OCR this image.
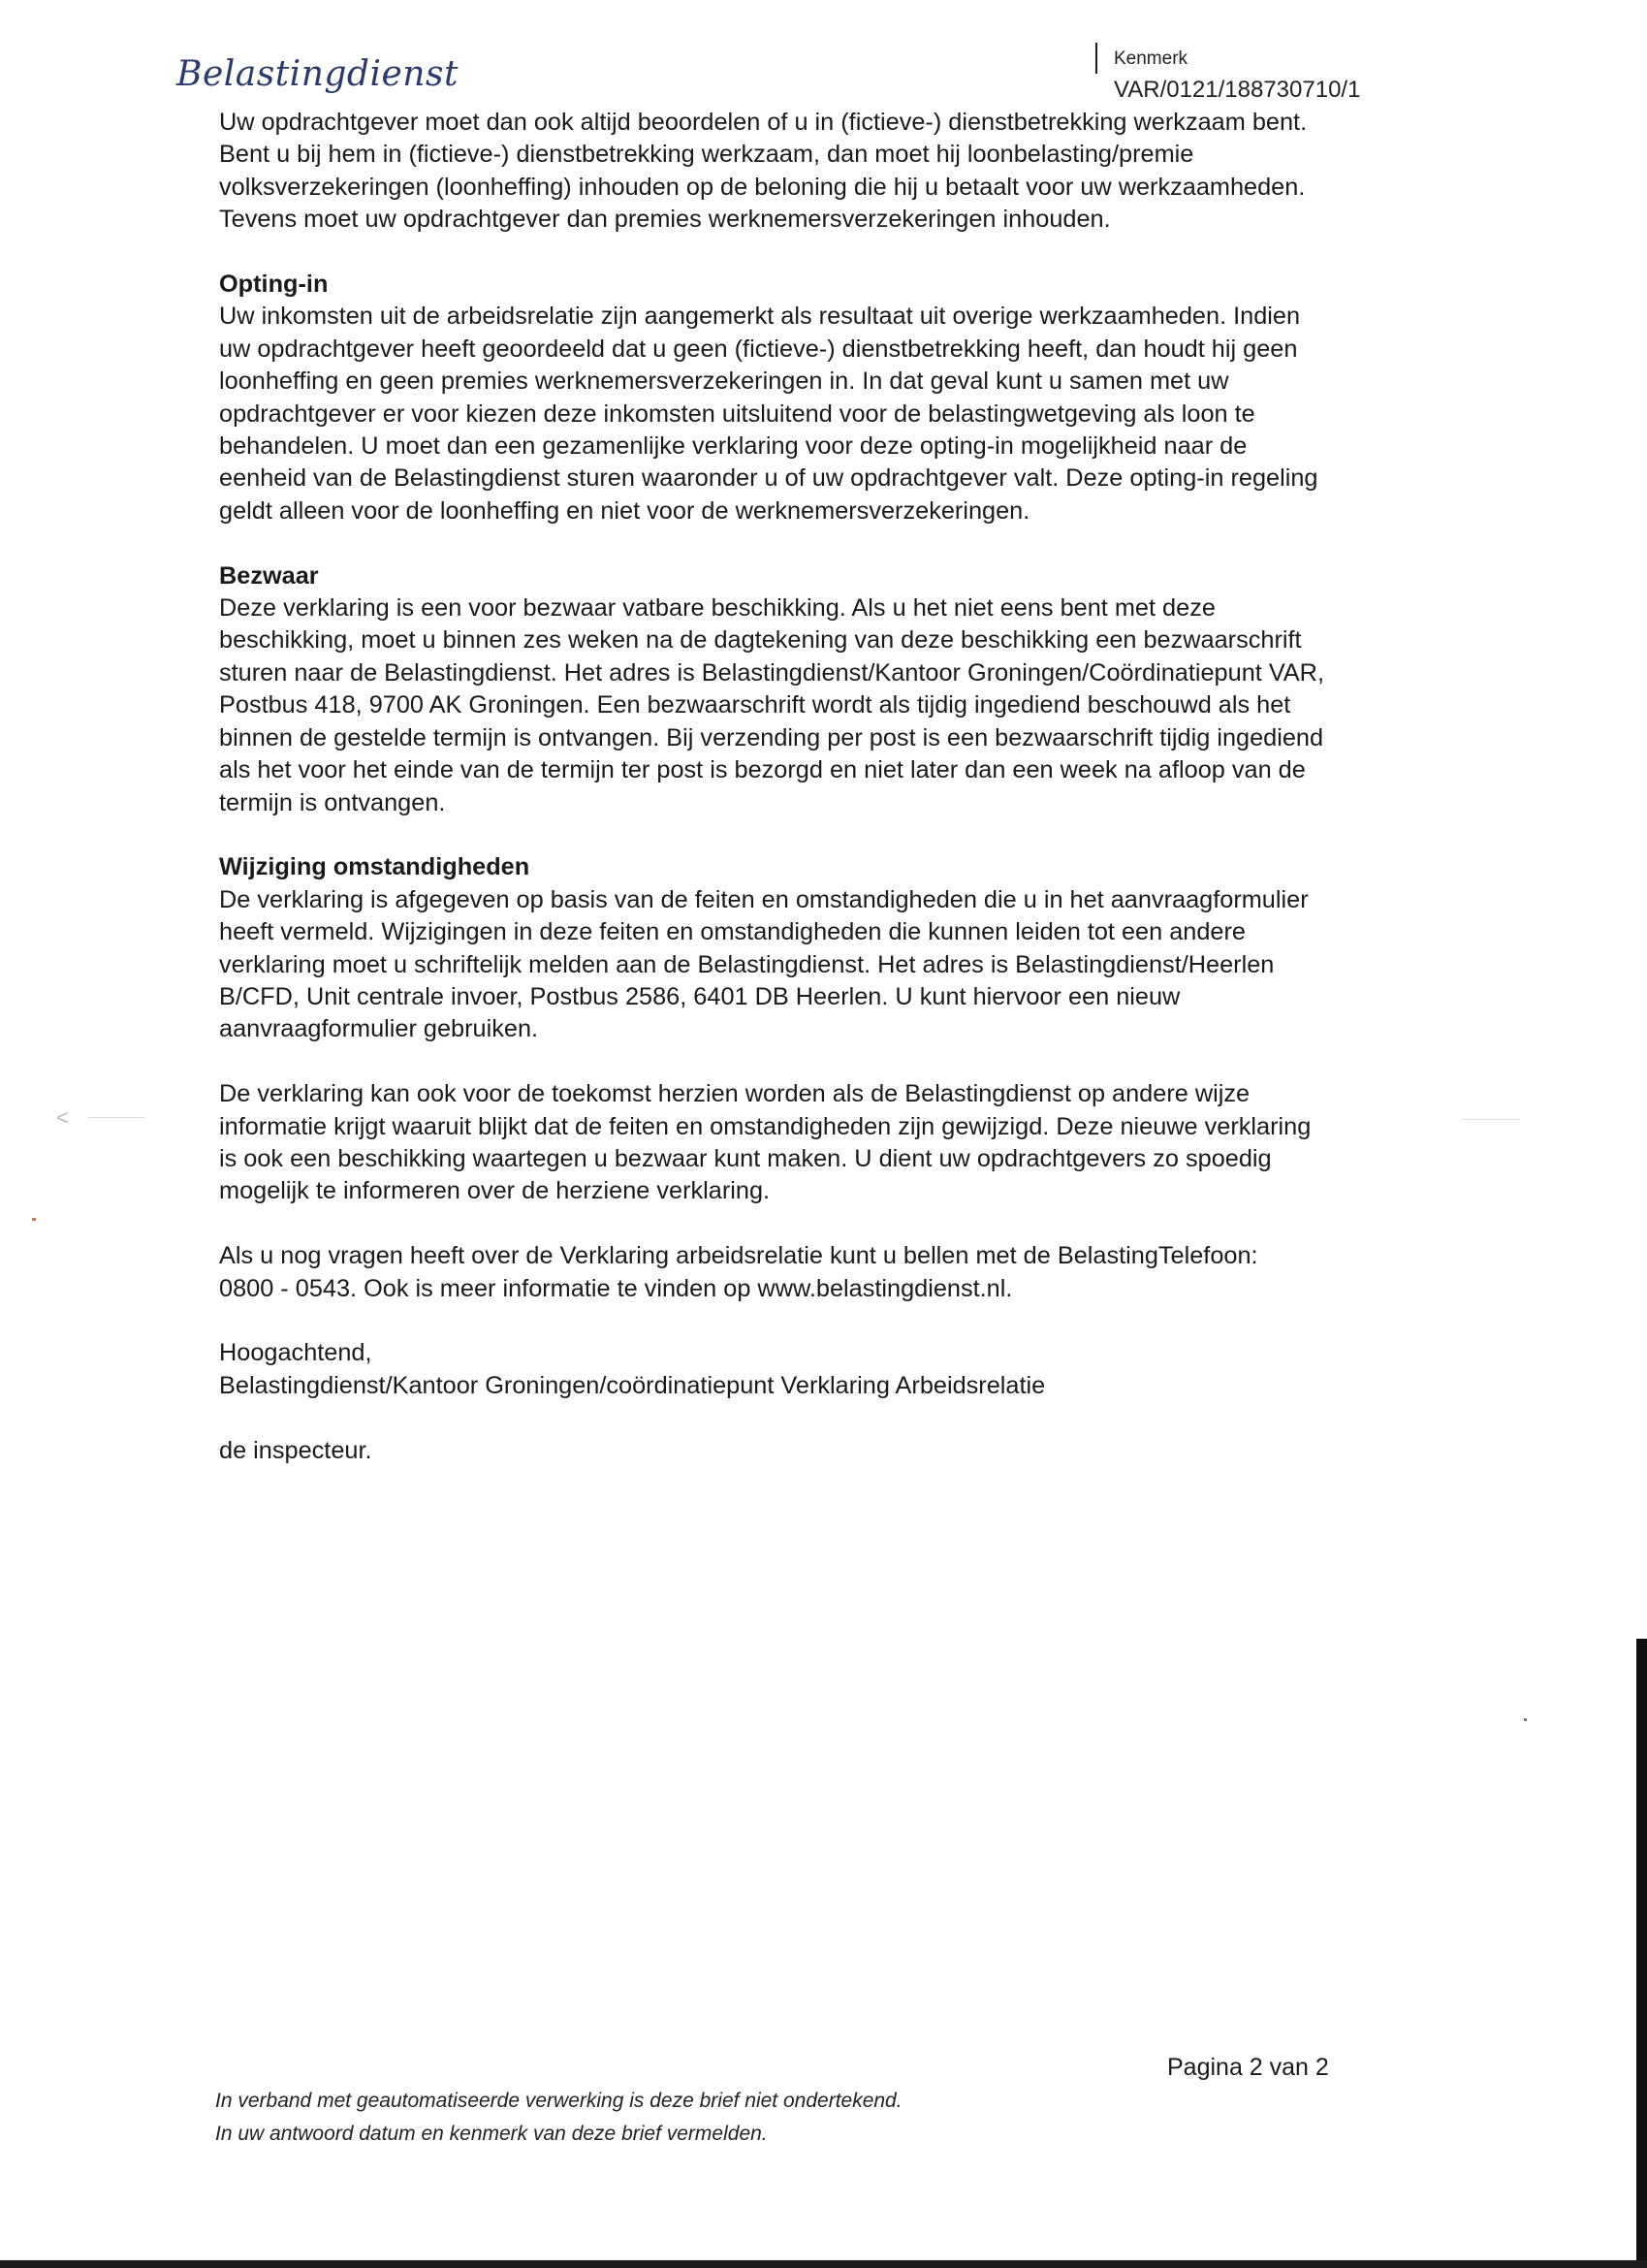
Belastingdienst	Kenmerk
VAR/0121/188730710/1

Uw opdrachtgever moet dan ook altijd beoordelen of u in (fictieve-) dienstbetrekking werkzaam bent.
Bent u bij hem in (fictieve-) dienstbetrekking werkzaam, dan moet hij loonbelasting/premie
volksverzekeringen (loonheffing) inhouden op de beloning die hij u betaalt voor uw werkzaamheden.
Tevens moet uw opdrachtgever dan premies werknemersverzekeringen inhouden.

Opting-in

Uw inkomsten uit de arbeidsrelatie zijn aangemerkt als resultaat uit overige werkzaamheden. Indien
uw opdrachtgever heeft geoordeeld dat u geen (fictieve-) dienstbetrekking heeft, dan houdt hij geen
loonheffing en geen premies werknemersverzekeringen in. In dat geval kunt u samen met uw
opdrachtgever er voor kiezen deze inkomsten uitsluitend voor de belastingwetgeving als loon te
behandelen. U moet dan een gezamenlijke verklaring voor deze opting-in mogelijkheid naar de
eenheid van de Belastingdienst sturen waaronder u of uw opdrachtgever valt. Deze opting-in regeling
geldt alleen voor de loonheffing en niet voor de werknemersverzekeringen.

Bezwaar

Deze verklaring is een voor bezwaar vatbare beschikking. Als u het niet eens bent met deze
beschikking, moet u binnen zes weken na de dagtekening van deze beschikking een bezwaarschrift
sturen naar de Belastingdienst. Het adres is Belastingdienst/Kantoor Groningen/Coördinatiepunt VAR,
Postbus 418, 9700 AK Groningen. Een bezwaarschrift wordt als tijdig ingediend beschouwd als het
binnen de gestelde termijn is ontvangen. Bij verzending per post is een bezwaarschrift tijdig ingediend
als het voor het einde van de termijn ter post is bezorgd en niet later dan een week na afloop van de
termijn is ontvangen.

Wijziging omstandigheden

De verklaring is afgegeven op basis van de feiten en omstandigheden die u in het aanvraagformulier
heeft vermeld. Wijzigingen in deze feiten en omstandigheden die kunnen leiden tot een andere
verklaring moet u schriftelijk melden aan de Belastingdienst. Het adres is Belastingdienst/Heerlen
B/CFD, Unit centrale invoer, Postbus 2586, 6401 DB Heerlen. U kunt hiervoor een nieuw
aanvraagformulier gebruiken.

De verklaring kan ook voor de toekomst herzien worden als de Belastingdienst op andere wijze
informatie krijgt waaruit blijkt dat de feiten en omstandigheden zijn gewijzigd. Deze nieuwe verklaring
is ook een beschikking waartegen u bezwaar kunt maken. U dient uw opdrachtgevers zo spoedig
mogelijk te informeren over de herziene verklaring.

Als u nog vragen heeft over de Verklaring arbeidsrelatie kunt u bellen met de BelastingTelefoon:
0800 - 0543. Ook is meer informatie te vinden op www.belastingdienst.nl.

Hoogachtend,

Belastingdienst/Kantoor Groningen/coördinatiepunt Verklaring Arbeidsrelatie

de inspecteur.
Pagina 2 van 2
In verband met geautomatiseerde verwerking is deze brief niet ondertekend.
In uw antwoord datum en kenmerk van deze brief vermelden.
<
